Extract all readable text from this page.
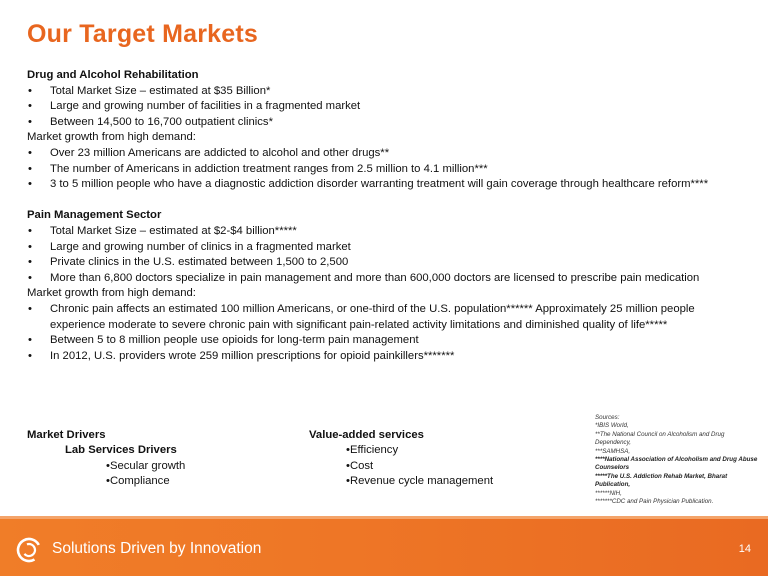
Our Target Markets
Drug and Alcohol Rehabilitation
• Total Market Size – estimated at $35 Billion*
• Large and growing number of facilities in a fragmented market
• Between 14,500 to 16,700 outpatient clinics*
Market growth from high demand:
• Over 23 million Americans are addicted to alcohol and other drugs**
• The number of Americans in addiction treatment ranges from 2.5 million to 4.1 million***
• 3 to 5 million people who have a diagnostic addiction disorder warranting treatment will gain coverage through healthcare reform****
Pain Management Sector
• Total Market Size – estimated at $2-$4 billion*****
• Large and growing number of clinics in a fragmented market
• Private clinics in the U.S. estimated between 1,500 to 2,500
• More than 6,800 doctors specialize in pain management and more than 600,000 doctors are licensed to prescribe pain medication
Market growth from high demand:
• Chronic pain affects an estimated 100 million Americans, or one-third of the U.S. population****** Approximately 25 million people experience moderate to severe chronic pain with significant pain-related activity limitations and diminished quality of life*****
• Between 5 to 8 million people use opioids for long-term pain management
• In 2012, U.S. providers wrote 259 million prescriptions for opioid painkillers*******
Market Drivers
Lab Services Drivers
•Secular growth
•Compliance
Value-added services
•Efficiency
•Cost
•Revenue cycle management
Sources:
*IBIS World,
**The National Council on Alcoholism and Drug Dependency,
***SAMHSA,
****National Association of Alcoholism and Drug Abuse Counselors
*****The U.S. Addiction Rehab Market, Bharat Publication,
******NIH,
*******CDC and Pain Physician Publication.
Solutions Driven by Innovation	14
